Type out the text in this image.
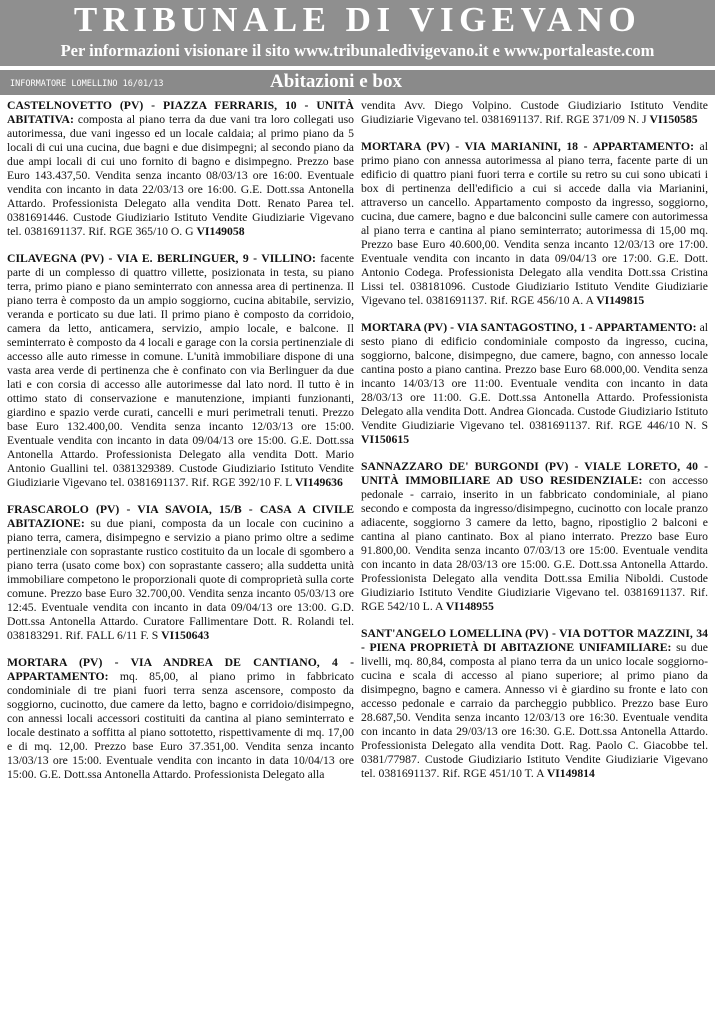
TRIBUNALE DI VIGEVANO
Per informazioni visionare il sito www.tribunaledivigevano.it e www.portaleaste.com
INFORMATORE LOMELLINO 16/01/13	Abitazioni e box

CASTELNOVETTO (PV) - PIAZZA FERRARIS, 10 - UNITÀ ABITATIVA: composta al piano terra da due vani tra loro collegati uso autorimessa, due vani ingesso ed un locale caldaia; al primo piano da 5 locali di cui una cucina, due bagni e due disimpegni; al secondo piano da due ampi locali di cui uno fornito di bagno e disimpegno. Prezzo base Euro 143.437,50. Vendita senza incanto 08/03/13 ore 16:00. Eventuale vendita con incanto in data 22/03/13 ore 16:00. G.E. Dott.ssa Antonella Attardo. Professionista Delegato alla vendita Dott. Renato Parea tel. 0381691446. Custode Giudiziario Istituto Vendite Giudiziarie Vigevano tel. 0381691137. Rif. RGE 365/10 O. G VI149058

CILAVEGNA (PV) - VIA E. BERLINGUER, 9 - VILLINO: facente parte di un complesso di quattro villette, posizionata in testa, su piano terra, primo piano e piano seminterrato con annessa area di pertinenza. Il piano terra è composto da un ampio soggiorno, cucina abitabile, servizio, veranda e porticato su due lati. Il primo piano è composto da corridoio, camera da letto, anticamera, servizio, ampio locale, e balcone. Il seminterrato è composto da 4 locali e garage con la corsia pertinenziale di accesso alle auto rimesse in comune. L'unità immobiliare dispone di una vasta area verde di pertinenza che è confinato con via Berlinguer da due lati e con corsia di accesso alle autorimesse dal lato nord. Il tutto è in ottimo stato di conservazione e manutenzione, impianti funzionanti, giardino e spazio verde curati, cancelli e muri perimetrali tenuti. Prezzo base Euro 132.400,00. Vendita senza incanto 12/03/13 ore 15:00. Eventuale vendita con incanto in data 09/04/13 ore 15:00. G.E. Dott.ssa Antonella Attardo. Professionista Delegato alla vendita Dott. Mario Antonio Guallini tel. 0381329389. Custode Giudiziario Istituto Vendite Giudiziarie Vigevano tel. 0381691137. Rif. RGE 392/10 F. L VI149636

FRASCAROLO (PV) - VIA SAVOIA, 15/B - CASA A CIVILE ABITAZIONE: su due piani, composta da un locale con cucinino a piano terra, camera, disimpegno e servizio a piano primo oltre a sedime pertinenziale con soprastante rustico costituito da un locale di sgombero a piano terra (usato come box) con soprastante cassero; alla suddetta unità immobiliare competono le proporzionali quote di comproprietà sulla corte comune. Prezzo base Euro 32.700,00. Vendita senza incanto 05/03/13 ore 12:45. Eventuale vendita con incanto in data 09/04/13 ore 13:00. G.D. Dott.ssa Antonella Attardo. Curatore Fallimentare Dott. R. Rolandi tel. 038183291. Rif. FALL 6/11 F. S VI150643

MORTARA (PV) - VIA ANDREA DE CANTIANO, 4 - APPARTAMENTO: mq. 85,00, al piano primo in fabbricato condominiale di tre piani fuori terra senza ascensore, composto da soggiorno, cucinotto, due camere da letto, bagno e corridoio/disimpegno, con annessi locali accessori costituiti da cantina al piano seminterrato e locale destinato a soffitta al piano sottotetto, rispettivamente di mq. 17,00 e di mq. 12,00. Prezzo base Euro 37.351,00. Vendita senza incanto 13/03/13 ore 15:00. Eventuale vendita con incanto in data 10/04/13 ore 15:00. G.E. Dott.ssa Antonella Attardo. Professionista Delegato alla

vendita Avv. Diego Volpino. Custode Giudiziario Istituto Vendite Giudiziarie Vigevano tel. 0381691137. Rif. RGE 371/09 N. J VI150585

MORTARA (PV) - VIA MARIANINI, 18 - APPARTAMENTO: al primo piano con annessa autorimessa al piano terra, facente parte di un edificio di quattro piani fuori terra e cortile su retro su cui sono ubicati i box di pertinenza dell'edificio a cui si accede dalla via Marianini, attraverso un cancello. Appartamento composto da ingresso, soggiorno, cucina, due camere, bagno e due balconcini sulle camere con autorimessa al piano terra e cantina al piano seminterrato; autorimessa di 15,00 mq. Prezzo base Euro 40.600,00. Vendita senza incanto 12/03/13 ore 17:00. Eventuale vendita con incanto in data 09/04/13 ore 17:00. G.E. Dott. Antonio Codega. Professionista Delegato alla vendita Dott.ssa Cristina Lissi tel. 038181096. Custode Giudiziario Istituto Vendite Giudiziarie Vigevano tel. 0381691137. Rif. RGE 456/10 A. A VI149815

MORTARA (PV) - VIA SANTAGOSTINO, 1 - APPARTAMENTO: al sesto piano di edificio condominiale composto da ingresso, cucina, soggiorno, balcone, disimpegno, due camere, bagno, con annesso locale cantina posto a piano cantina. Prezzo base Euro 68.000,00. Vendita senza incanto 14/03/13 ore 11:00. Eventuale vendita con incanto in data 28/03/13 ore 11:00. G.E. Dott.ssa Antonella Attardo. Professionista Delegato alla vendita Dott. Andrea Gioncada. Custode Giudiziario Istituto Vendite Giudiziarie Vigevano tel. 0381691137. Rif. RGE 446/10 N. S VI150615

SANNAZZARO DE' BURGONDI (PV) - VIALE LORETO, 40 - UNITÀ IMMOBILIARE AD USO RESIDENZIALE: con accesso pedonale - carraio, inserito in un fabbricato condominiale, al piano secondo e composta da ingresso/disimpegno, cucinotto con locale pranzo adiacente, soggiorno 3 camere da letto, bagno, ripostiglio 2 balconi e cantina al piano cantinato. Box al piano interrato. Prezzo base Euro 91.800,00. Vendita senza incanto 07/03/13 ore 15:00. Eventuale vendita con incanto in data 28/03/13 ore 15:00. G.E. Dott.ssa Antonella Attardo. Professionista Delegato alla vendita Dott.ssa Emilia Niboldi. Custode Giudiziario Istituto Vendite Giudiziarie Vigevano tel. 0381691137. Rif. RGE 542/10 L. A VI148955

SANT'ANGELO LOMELLINA (PV) - VIA DOTTOR MAZZINI, 34 - PIENA PROPRIETÀ DI ABITAZIONE UNIFAMILIARE: su due livelli, mq. 80,84, composta al piano terra da un unico locale soggiorno-cucina e scala di accesso al piano superiore; al primo piano da disimpegno, bagno e camera. Annesso vi è giardino su fronte e lato con accesso pedonale e carraio da parcheggio pubblico. Prezzo base Euro 28.687,50. Vendita senza incanto 12/03/13 ore 16:30. Eventuale vendita con incanto in data 29/03/13 ore 16:30. G.E. Dott.ssa Antonella Attardo. Professionista Delegato alla vendita Dott. Rag. Paolo C. Giacobbe tel. 0381/77987. Custode Giudiziario Istituto Vendite Giudiziarie Vigevano tel. 0381691137. Rif. RGE 451/10 T. A VI149814
